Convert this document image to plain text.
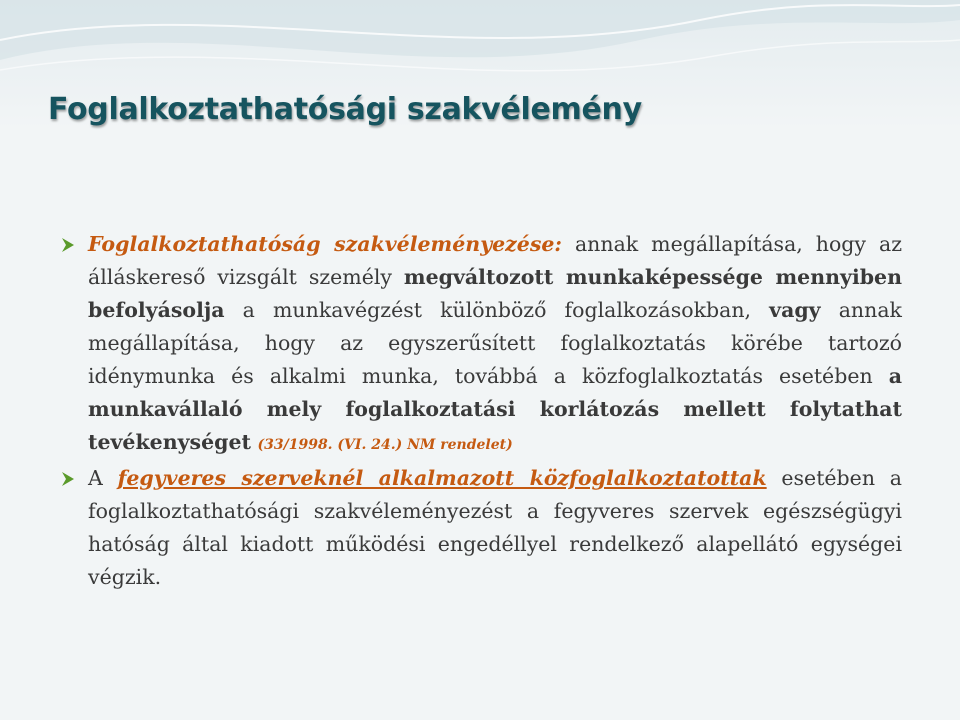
Foglalkoztathatósági szakvélemény
Foglalkoztathatóság szakvéleményezése: annak megállapítása, hogy az álláskereső vizsgált személy megváltozott munkaképessége mennyiben befolyásolja a munkavégzést különböző foglalkozásokban, vagy annak megállapítása, hogy az egyszerűsített foglalkoztatás körébe tartozó idénymunka és alkalmi munka, továbbá a közfoglalkoztatás esetében a munkavállaló mely foglalkoztatási korlátozás mellett folytathat tevékenységet (33/1998. (VI. 24.) NM rendelet)
A fegyveres szerveknél alkalmazott közfoglalkoztatottak esetében a foglalkoztathatósági szakvéleményezést a fegyveres szervek egészségügyi hatóság által kiadott működési engedéllyel rendelkező alapellátó egységei végzik.
